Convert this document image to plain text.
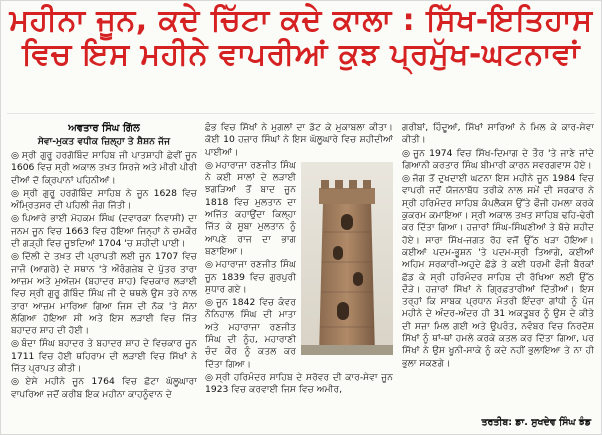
ਮਹੀਨਾ ਜੂਨ, ਕਦੇ ਚਿੱਟਾ ਕਦੇ ਕਾਲਾ : ਸਿੱਖ-ਇਤਿਹਾਸ
ਵਿਚ ਇਸ ਮਹੀਨੇ ਵਾਪਰੀਆਂ ਕੁਝ ਪ੍ਰਮੁੱਖ-ਘਟਨਾਵਾਂ
ਅਵਤਾਰ ਸਿੰਘ ਗਿੱਲ
ਸੇਵਾ-ਮੁਕਤ ਵਧੀਕ ਜ਼ਿਲ੍ਹਾ ਤੇ ਸ਼ੈਸ਼ਨ ਜੱਜ

◎ ਸ੍ਰੀ ਗੁਰੂ ਹਰਗੋਬਿੰਦ ਸਾਹਿਬ ਜੀ ਪਾਤਸ਼ਾਹੀ ਛੇਵੀਂ ਜੂਨ 1606 ਵਿਚ ਸ੍ਰੀ ਅਕਾਲ ਤਖ਼ਤ ਸਿਰਜੇ ਅਤੇ ਮੀਰੀ ਪੀਰੀ ਦੀਆਂ ਦੋ ਕ੍ਰਿਪਾਨਾਂ ਪਹਿਨੀਆਂ।

◎ ਸ੍ਰੀ ਗੁਰੂ ਹਰਗੋਬਿੰਦ ਸਾਹਿਬ ਨੇ ਜੂਨ 1628 ਵਿਚ ਅੰਮ੍ਰਿਤਸਰ ਦੀ ਪਹਿਲੀ ਜੰਗ ਜਿੱਤੀ।

◎ ਪਿਆਰੇ ਭਾਈ ਮੋਹਕਮ ਸਿੰਘ (ਦਵਾਰਕਾ ਨਿਵਾਸੀ) ਦਾ ਜਨਮ ਜੂਨ ਵਿਚ 1663 ਵਿਚ ਹੋਇਆ ਜਿਨ੍ਹਾਂ ਨੇ ਚਮਕੌਰ ਦੀ ਗੜ੍ਹੀ ਵਿਚ ਜੂਝਦਿਆਂ 1704 'ਚ ਸ਼ਹੀਦੀ ਪਾਈ।

◎ ਦਿੱਲੀ ਦੇ ਤਖ਼ਤ ਦੀ ਪ੍ਰਾਪਤੀ ਲਈ ਜੂਨ 1707 ਵਿਚ ਜਾਜੌ (ਆਗਰੇ) ਦੇ ਸਥਾਨ 'ਤੇ ਔਰੰਗਜ਼ੇਬ ਦੇ ਪੁੱਤਰ ਤਾਰਾ ਆਜ਼ਮ ਅਤੇ ਮੁਅੱਜ਼ਮ (ਬਹਾਦਰ ਸ਼ਾਹ) ਵਿਚਕਾਰ ਲੜਾਈ ਵਿਚ ਸ੍ਰੀ ਗੁਰੂ ਗੋਬਿੰਦ ਸਿੰਘ ਜੀ ਦੇ ਥਥਲੇ ਉਸ ਤਰੇ ਨਾਲ ਤਾਰਾ ਆਜ਼ਮ ਮਾਰਿਆ ਗਿਆ ਜਿਸ ਦੀ ਨੋਕ 'ਤੇ ਸੋਨਾ ਲੱਗਿਆ ਹੋਇਆ ਸੀ ਅਤੇ ਇਸ ਲੜਾਈ ਵਿਚ ਜਿੱਤ ਬਹਾਦਰ ਸ਼ਾਹ ਦੀ ਹੋਈ।

◎ ਬੰਦਾ ਸਿੰਘ ਬਹਾਦਰ ਤੇ ਬਹਾਦਰ ਸ਼ਾਹ ਦੇ ਵਿਚਕਾਰ ਜੂਨ 1711 ਵਿਚ ਹੋਈ ਥਹਿਰਾਮ ਦੀ ਲੜਾਈ ਵਿਚ ਸਿੱਖਾਂ ਨੇ ਜਿੱਤ ਪ੍ਰਾਪਤ ਕੀਤੀ।

◎ ਏਸੇ ਮਹੀਨੇ ਜੂਨ 1764 ਵਿਚ ਛੋਟਾ ਘੱਲੂਘਾਰਾ ਵਾਪਰਿਆ ਜਦੋਂ ਕਰੀਬ ਇਕ ਮਹੀਨਾ ਕਾਹਨੂੰਵਾਨ ਦੇ

ਛੰਭ ਵਿਚ ਸਿੱਖਾਂ ਨੇ ਮੁਗਲਾਂ ਦਾ ਡੱਟ ਕੇ ਮੁਕਾਬਲਾ ਕੀਤਾ। ਕੋਈ 10 ਹਜ਼ਾਰ ਸਿੰਘਾਂ ਨੇ ਇਸ ਘੱਲੂਘਾਰੇ ਵਿਚ ਸ਼ਹੀਦੀਆਂ ਪਾਈਆਂ।

◎ ਮਹਾਰਾਜਾ ਰਣਜੀਤ ਸਿੰਘ ਨੇ ਕਈ ਸਾਲਾਂ ਦੇ ਲੜਾਈ ਝਗੜਿਆਂ ਤੋਂ ਬਾਦ ਜੂਨ 1818 ਵਿਚ ਮੁਲਤਾਨ ਦਾ ਅਜਿੱਤ ਕਹਾਉਂਦਾ ਕਿਲ੍ਹਾ ਜਿੱਤ ਕੇ ਸੂਬਾ ਮੁਲਤਾਨ ਨੂੰ ਆਪਣੇ ਰਾਜ ਦਾ ਭਾਗ ਬਣਾਇਆ।

◎ ਮਹਾਰਾਜਾ ਰਣਜੀਤ ਸਿੰਘ ਜੂਨ 1839 ਵਿਚ ਗੁਰਪੁਰੀ ਸੁਧਾਰ ਗਏ।

◎ ਜੂਨ 1842 ਵਿਚ ਕੰਵਰ ਨੌਨਿਹਾਲ ਸਿੰਘ ਦੀ ਮਾਤਾ ਅਤੇ ਮਹਾਰਾਜਾ ਰਣਜੀਤ ਸਿੰਘ ਦੀ ਨੂੰਹ, ਮਹਾਰਾਣੀ ਚੰਦ ਕੌਰ ਨੂੰ ਕਤਲ ਕਰ ਦਿੱਤਾ ਗਿਆ।

◎ ਸ੍ਰੀ ਹਰਿਮੰਦਰ ਸਾਹਿਬ ਦੇ ਸਰੋਵਰ ਦੀ ਕਾਰ-ਸੇਵਾ ਜੂਨ 1923 ਵਿਚ ਕਰਵਾਈ ਜਿਸ ਵਿਚ ਅਮੀਰ,

ਗਰੀਬਾਂ, ਹਿੰਦੂਆਂ, ਸਿੱਖਾਂ ਸਾਰਿਆਂ ਨੇ ਮਿਲ ਕੇ ਕਾਰ-ਸੇਵਾ ਕੀਤੀ।

◎ ਜੂਨ 1974 ਵਿਚ ਸਿੱਖ-ਦਿਮਾਗ ਦੇ ਤੌਰ 'ਤੇ ਜਾਣੇ ਜਾਂਦੇ ਗਿਆਨੀ ਕਰਤਾਰ ਸਿੰਘ ਬੀਮਾਰੀ ਕਾਰਨ ਸਵਰਗਵਾਸ ਹੋਏ।

◎ ਜੱਗ ਤੋਂ ਦੁਖਦਾਈ ਘਟਨਾ ਇਸ ਮਹੀਨੇ ਜੂਨ 1984 ਵਿਚ ਵਾਪਰੀ ਜਦੋਂ ਯੋਜਨਾਬੱਧ ਤਰੀਕੇ ਨਾਲ ਸਮੇਂ ਦੀ ਸਰਕਾਰ ਨੇ ਸ੍ਰੀ ਹਰਿਮੰਦਰ ਸਾਹਿਬ ਕੰਪਲੈਕਸ ਉੱਤੇ ਫੌਜੀ ਹਮਲਾ ਕਰਕੇ ਕੁਕਰਮ ਕਮਾਇਆ। ਸ੍ਰੀ ਅਕਾਲ ਤਖ਼ਤ ਸਾਹਿਬ ਢਹਿ-ਢੇਰੀ ਕਰ ਦਿੱਤਾ ਗਿਆ। ਹਜ਼ਾਰਾਂ ਸਿੰਘ-ਸਿੰਘਣੀਆਂ ਤੇ ਬੱਚੇ ਸ਼ਹੀਦ ਹੋਏ। ਸਾਰਾ ਸਿੱਖ-ਜਗਤ ਰੋਹ ਵਜੋਂ ਉੱਠ ਖੜਾ ਹੋਇਆ। ਕਈਆਂ ਪਦਮ-ਭੂਸ਼ਨ 'ਤੇ ਪਦਮ-ਸ੍ਰੀ ਤਿਆਗੇ, ਕਈਆਂ ਅਹਿਮ ਸਰਕਾਰੀ-ਅਹੁਦੇ ਛੱਡੇ ਤੇ ਕਈ ਧਰਮੀ ਫੌਜੀ ਬੈਰਕਾਂ ਛੱਡ ਕੇ ਸ੍ਰੀ ਹਰਿਮੰਦਰ ਸਾਹਿਬ ਦੀ ਰੱਖਿਆ ਲਈ ਉੱਠ ਦੌੜੇ। ਹਜ਼ਾਰਾਂ ਸਿੱਖਾਂ ਨੇ ਗ੍ਰਿਫ਼ਤਾਰੀਆਂ ਦਿੱਤੀਆਂ। ਇਸ ਤਰ੍ਹਾਂ ਕਿ ਸਾਬਕ ਪ੍ਰਧਾਨ ਮੰਤਰੀ ਇੰਦਰਾ ਗਾਂਧੀ ਨੂੰ ਪੰਜ ਮਹੀਨੇ ਦੇ ਅੰਦਰ-ਅੰਦਰ ਹੀ 31 ਅਕਤੂਬਰ ਨੂੰ ਉਸ ਦੇ ਕੀਤੇ ਦੀ ਸਜ਼ਾ ਮਿਲ ਗਈ ਅਤੇ ਉਪਰੰਤ, ਨਵੰਬਰ ਵਿਚ ਨਿਰਦੋਸ਼ ਸਿੱਖਾਂ ਨੂੰ ਥਾਂ-ਥਾਂ ਹਮਲੇ ਕਰਕੇ ਕਤਲ ਕਰ ਦਿੱਤਾ ਗਿਆ, ਪਰ ਸਿੱਖਾਂ ਨੇ ਉਸ ਖੂਨੀ-ਸਾਕੇ ਨੂੰ ਕਦੇ ਨਹੀਂ ਭੁਲਾਇਆ ਤੇ ਨਾ ਹੀ ਭੁਲਾ ਸਕਣਗੇ।

ਤਰਤੀਬ: ਡਾ. ਸੁਖਦੇਵ ਸਿੰਘ ਝੰਡ
